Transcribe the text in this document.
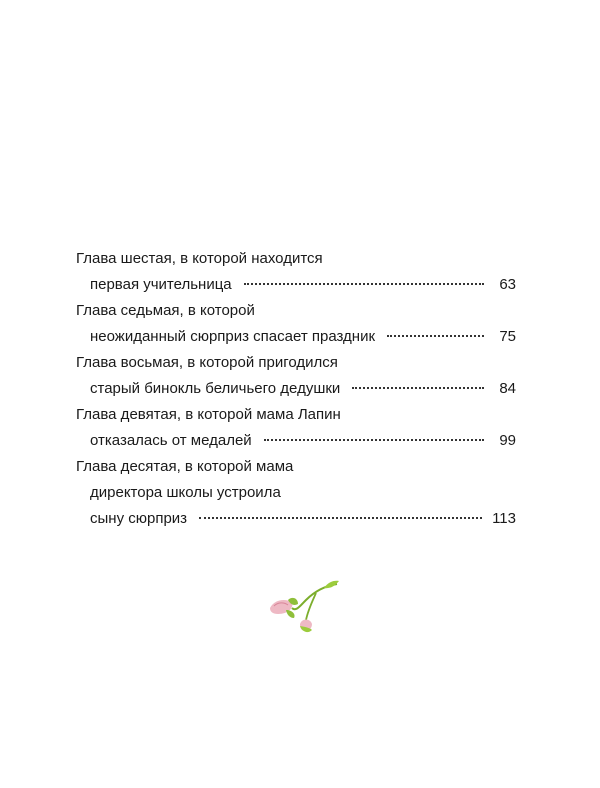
Глава шестая, в которой находится
первая учительница	63
Глава седьмая, в которой
неожиданный сюрприз спасает праздник	75
Глава восьмая, в которой пригодился
старый бинокль беличьего дедушки	84
Глава девятая, в которой мама Лапин
отказалась от медалей	99
Глава десятая, в которой мама
директора школы устроила
сыну сюрприз	113
